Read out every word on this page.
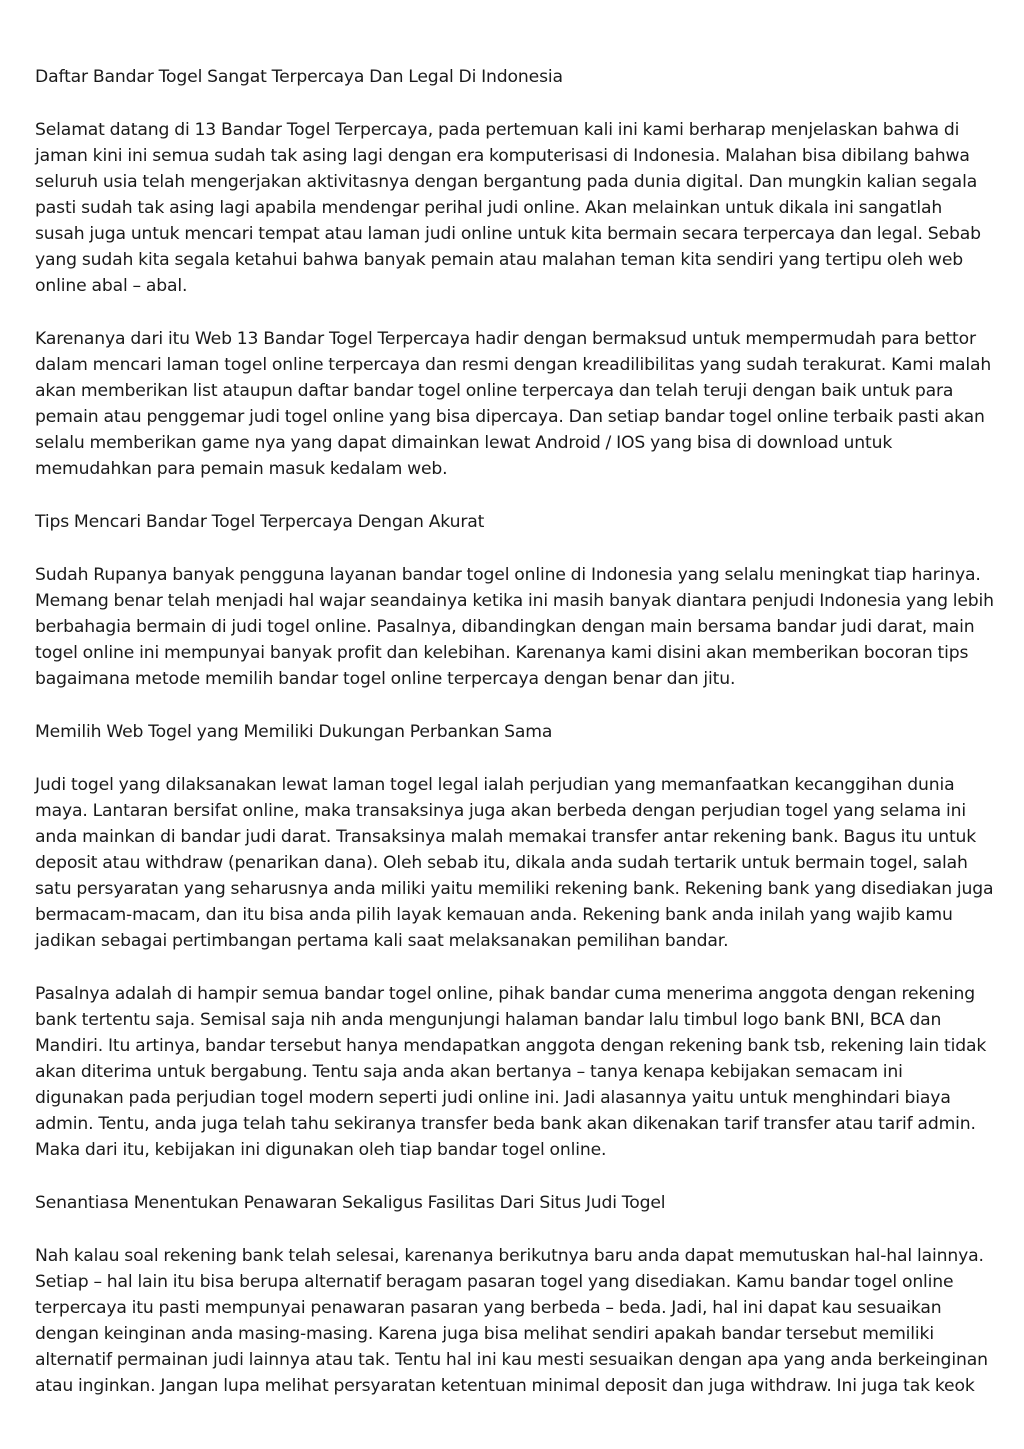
Daftar Bandar Togel Sangat Terpercaya Dan Legal Di Indonesia

Selamat datang di 13 Bandar Togel Terpercaya, pada pertemuan kali ini kami berharap menjelaskan bahwa di jaman kini ini semua sudah tak asing lagi dengan era komputerisasi di Indonesia. Malahan bisa dibilang bahwa seluruh usia telah mengerjakan aktivitasnya dengan bergantung pada dunia digital. Dan mungkin kalian segala pasti sudah tak asing lagi apabila mendengar perihal judi online. Akan melainkan untuk dikala ini sangatlah susah juga untuk mencari tempat atau laman judi online untuk kita bermain secara terpercaya dan legal. Sebab yang sudah kita segala ketahui bahwa banyak pemain atau malahan teman kita sendiri yang tertipu oleh web online abal – abal.

Karenanya dari itu Web 13 Bandar Togel Terpercaya hadir dengan bermaksud untuk mempermudah para bettor dalam mencari laman togel online terpercaya dan resmi dengan kreadilibilitas yang sudah terakurat. Kami malah akan memberikan list ataupun daftar bandar togel online terpercaya dan telah teruji dengan baik untuk para pemain atau penggemar judi togel online yang bisa dipercaya. Dan setiap bandar togel online terbaik pasti akan selalu memberikan game nya yang dapat dimainkan lewat Android / IOS yang bisa di download untuk memudahkan para pemain masuk kedalam web.

Tips Mencari Bandar Togel Terpercaya Dengan Akurat

Sudah Rupanya banyak pengguna layanan bandar togel online di Indonesia yang selalu meningkat tiap harinya. Memang benar telah menjadi hal wajar seandainya ketika ini masih banyak diantara penjudi Indonesia yang lebih berbahagia bermain di judi togel online. Pasalnya, dibandingkan dengan main bersama bandar judi darat, main togel online ini mempunyai banyak profit dan kelebihan. Karenanya kami disini akan memberikan bocoran tips bagaimana metode memilih bandar togel online terpercaya dengan benar dan jitu.

Memilih Web Togel yang Memiliki Dukungan Perbankan Sama

Judi togel yang dilaksanakan lewat laman togel legal ialah perjudian yang memanfaatkan kecanggihan dunia maya. Lantaran bersifat online, maka transaksinya juga akan berbeda dengan perjudian togel yang selama ini anda mainkan di bandar judi darat. Transaksinya malah memakai transfer antar rekening bank. Bagus itu untuk deposit atau withdraw (penarikan dana). Oleh sebab itu, dikala anda sudah tertarik untuk bermain togel, salah satu persyaratan yang seharusnya anda miliki yaitu memiliki rekening bank. Rekening bank yang disediakan juga bermacam-macam, dan itu bisa anda pilih layak kemauan anda. Rekening bank anda inilah yang wajib kamu jadikan sebagai pertimbangan pertama kali saat melaksanakan pemilihan bandar.

Pasalnya adalah di hampir semua bandar togel online, pihak bandar cuma menerima anggota dengan rekening bank tertentu saja. Semisal saja nih anda mengunjungi halaman bandar lalu timbul logo bank BNI, BCA dan Mandiri. Itu artinya, bandar tersebut hanya mendapatkan anggota dengan rekening bank tsb, rekening lain tidak akan diterima untuk bergabung. Tentu saja anda akan bertanya – tanya kenapa kebijakan semacam ini digunakan pada perjudian togel modern seperti judi online ini. Jadi alasannya yaitu untuk menghindari biaya admin. Tentu, anda juga telah tahu sekiranya transfer beda bank akan dikenakan tarif transfer atau tarif admin. Maka dari itu, kebijakan ini digunakan oleh tiap bandar togel online.

Senantiasa Menentukan Penawaran Sekaligus Fasilitas Dari Situs Judi Togel

Nah kalau soal rekening bank telah selesai, karenanya berikutnya baru anda dapat memutuskan hal-hal lainnya. Setiap – hal lain itu bisa berupa alternatif beragam pasaran togel yang disediakan. Kamu bandar togel online terpercaya itu pasti mempunyai penawaran pasaran yang berbeda – beda. Jadi, hal ini dapat kau sesuaikan dengan keinginan anda masing-masing. Karena juga bisa melihat sendiri apakah bandar tersebut memiliki alternatif permainan judi lainnya atau tak. Tentu hal ini kau mesti sesuaikan dengan apa yang anda berkeinginan atau inginkan. Jangan lupa melihat persyaratan ketentuan minimal deposit dan juga withdraw. Ini juga tak keok
